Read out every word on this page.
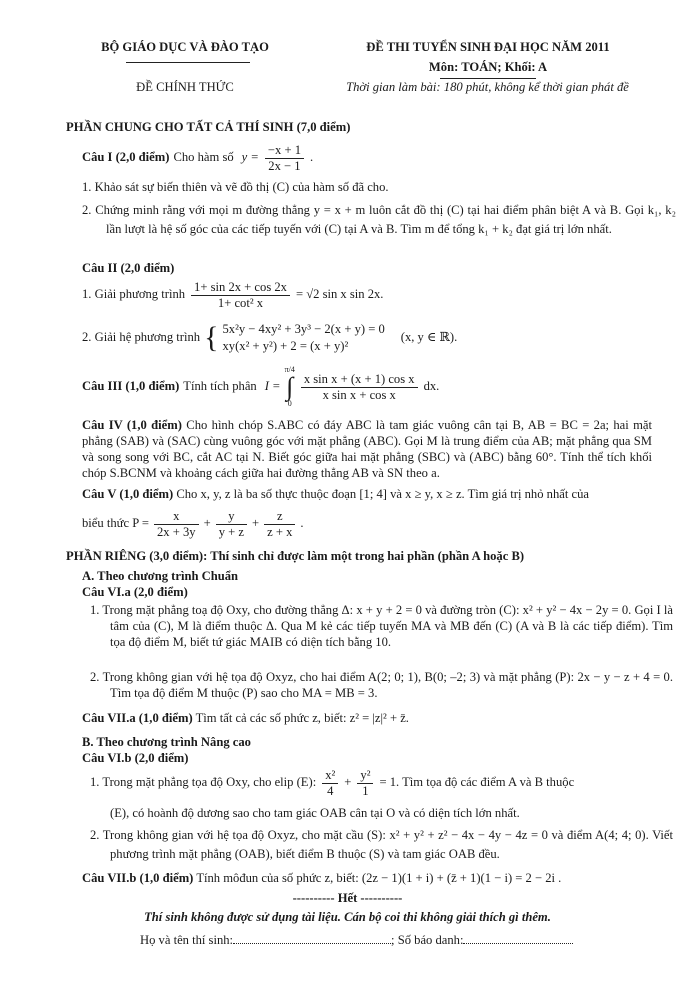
BỘ GIÁO DỤC VÀ ĐÀO TẠO
ĐỀ CHÍNH THỨC
ĐỀ THI TUYỂN SINH ĐẠI HỌC NĂM 2011
Môn: TOÁN; Khối: A
Thời gian làm bài: 180 phút, không kể thời gian phát đề
PHẦN CHUNG CHO TẤT CẢ THÍ SINH (7,0 điểm)
Câu I (2,0 điểm) Cho hàm số $y = \frac{-x + 1}{2x - 1}$ .
1. Khảo sát sự biến thiên và vẽ đồ thị (C) của hàm số đã cho.
2. Chứng minh rằng với mọi m đường thẳng y = x + m luôn cắt đồ thị (C) tại hai điểm phân biệt A và B. Gọi k₁, k₂ lần lượt là hệ số góc của các tiếp tuyến với (C) tại A và B. Tìm m để tổng k₁ + k₂ đạt giá trị lớn nhất.
Câu II (2,0 điểm)
1. Giải phương trình $\frac{1+ \sin 2x + \cos 2x}{\text{1+ cot² x}} = √2$ sin x sin 2x.
2. Giải hệ phương trình { 5x²y − 4xy² + 3y³ − 2(x + y) = 0
xy(x² + y²) + 2 = (x + y)²
(x, y ∈ ℝ).
Câu III (1,0 điểm) Tính tích phân I =
π/4
∫
0
$\frac{\text{x sin x + (x + 1) cos x}}{\text{x sin x + cos x}}$ dx.
Câu IV (1,0 điểm) Cho hình chóp S.ABC có đáy ABC là tam giác vuông cân tại B, AB = BC = 2a; hai mặt phẳng (SAB) và (SAC) cùng vuông góc với mặt phẳng (ABC). Gọi M là trung điểm của AB; mặt phẳng qua SM và song song với BC, cắt AC tại N. Biết góc giữa hai mặt phẳng (SBC) và (ABC) bằng 60°. Tính thể tích khối chóp S.BCNM và khoảng cách giữa hai đường thẳng AB và SN theo a.
Câu V (1,0 điểm) Cho x, y, z là ba số thực thuộc đoạn [1; 4] và x ≥ y, x ≥ z. Tìm giá trị nhỏ nhất của
biểu thức $P = \frac{x}{2x + 3y} + \frac{y}{y + z} + \frac{z}{z + x}$ .
PHẦN RIÊNG (3,0 điểm): Thí sinh chỉ được làm một trong hai phần (phần A hoặc B)
A. Theo chương trình Chuẩn
Câu VI.a (2,0 điểm)
1. Trong mặt phẳng toạ độ Oxy, cho đường thẳng Δ: x + y + 2 = 0 và đường tròn (C): x² + y² − 4x − 2y = 0. Gọi I là tâm của (C), M là điểm thuộc Δ. Qua M kẻ các tiếp tuyến MA và MB đến (C) (A và B là các tiếp điểm). Tìm tọa độ điểm M, biết tứ giác MAIB có diện tích bằng 10.
2. Trong không gian với hệ tọa độ Oxyz, cho hai điểm A(2; 0; 1), B(0; –2; 3) và mặt phẳng (P): 2x − y − z + 4 = 0. Tìm tọa độ điểm M thuộc (P) sao cho MA = MB = 3.
Câu VII.a (1,0 điểm) Tìm tất cả các số phức z, biết: z² = |z|² + z̄.
B. Theo chương trình Nâng cao
Câu VI.b (2,0 điểm)
1. Trong mặt phẳng tọa độ Oxy, cho elip (E): $\frac{\text{x²}}{4} + \frac{\text{y²}}{1} = 1$. Tìm tọa độ các điểm A và B thuộc
(E), có hoành độ dương sao cho tam giác OAB cân tại O và có diện tích lớn nhất.
2. Trong không gian với hệ tọa độ Oxyz, cho mặt cầu (S): x² + y² + z² − 4x − 4y − 4z = 0 và điểm A(4; 4; 0). Viết phương trình mặt phẳng (OAB), biết điểm B thuộc (S) và tam giác OAB đều.
Câu VII.b (1,0 điểm) Tính môđun của số phức z, biết: (2z − 1)(1 + i) + (z̄ + 1)(1 − i) = 2 − 2i .
---------- Hết ----------
Thí sinh không được sử dụng tài liệu. Cán bộ coi thi không giải thích gì thêm.
Họ và tên thí sinh:	; Số báo danh:
